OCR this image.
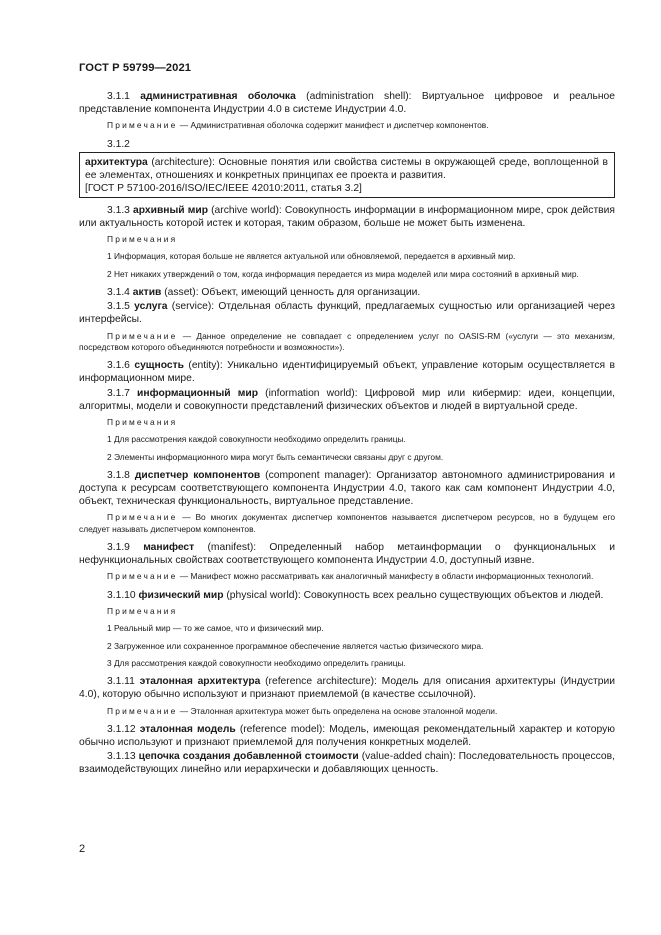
ГОСТ Р 59799—2021

3.1.1 административная оболочка (administration shell): Виртуальное цифровое и реальное представление компонента Индустрии 4.0 в системе Индустрии 4.0.

Примечание — Административная оболочка содержит манифест и диспетчер компонентов.

3.1.2

архитектура (architecture): Основные понятия или свойства системы в окружающей среде, воплощенной в ее элементах, отношениях и конкретных принципах ее проекта и развития.

[ГОСТ Р 57100-2016/ISO/IEC/IEEE 42010:2011, статья 3.2]

3.1.3 архивный мир (archive world): Совокупность информации в информационном мире, срок действия или актуальность которой истек и которая, таким образом, больше не может быть изменена.

Примечания

1 Информация, которая больше не является актуальной или обновляемой, передается в архивный мир.

2 Нет никаких утверждений о том, когда информация передается из мира моделей или мира состояний в архивный мир.

3.1.4 актив (asset): Объект, имеющий ценность для организации.

3.1.5 услуга (service): Отдельная область функций, предлагаемых сущностью или организацией через интерфейсы.

Примечание — Данное определение не совпадает с определением услуг по OASIS-RM («услуги — это механизм, посредством которого объединяются потребности и возможности»).

3.1.6 сущность (entity): Уникально идентифицируемый объект, управление которым осуществляется в информационном мире.

3.1.7 информационный мир (information world): Цифровой мир или кибермир: идеи, концепции, алгоритмы, модели и совокупности представлений физических объектов и людей в виртуальной среде.

Примечания

1 Для рассмотрения каждой совокупности необходимо определить границы.

2 Элементы информационного мира могут быть семантически связаны друг с другом.

3.1.8 диспетчер компонентов (component manager): Организатор автономного администрирования и доступа к ресурсам соответствующего компонента Индустрии 4.0, такого как сам компонент Индустрии 4.0, объект, техническая функциональность, виртуальное представление.

Примечание — Во многих документах диспетчер компонентов называется диспетчером ресурсов, но в будущем его следует называть диспетчером компонентов.

3.1.9 манифест (manifest): Определенный набор метаинформации о функциональных и нефункциональных свойствах соответствующего компонента Индустрии 4.0, доступный извне.

Примечание — Манифест можно рассматривать как аналогичный манифесту в области информационных технологий.

3.1.10 физический мир (physical world): Совокупность всех реально существующих объектов и людей.

Примечания

1 Реальный мир — то же самое, что и физический мир.

2 Загруженное или сохраненное программное обеспечение является частью физического мира.

3 Для рассмотрения каждой совокупности необходимо определить границы.

3.1.11 эталонная архитектура (reference architecture): Модель для описания архитектуры (Индустрии 4.0), которую обычно используют и признают приемлемой (в качестве ссылочной).

Примечание — Эталонная архитектура может быть определена на основе эталонной модели.

3.1.12 эталонная модель (reference model): Модель, имеющая рекомендательный характер и которую обычно используют и признают приемлемой для получения конкретных моделей.

3.1.13 цепочка создания добавленной стоимости (value-added chain): Последовательность процессов, взаимодействующих линейно или иерархически и добавляющих ценность.

2
